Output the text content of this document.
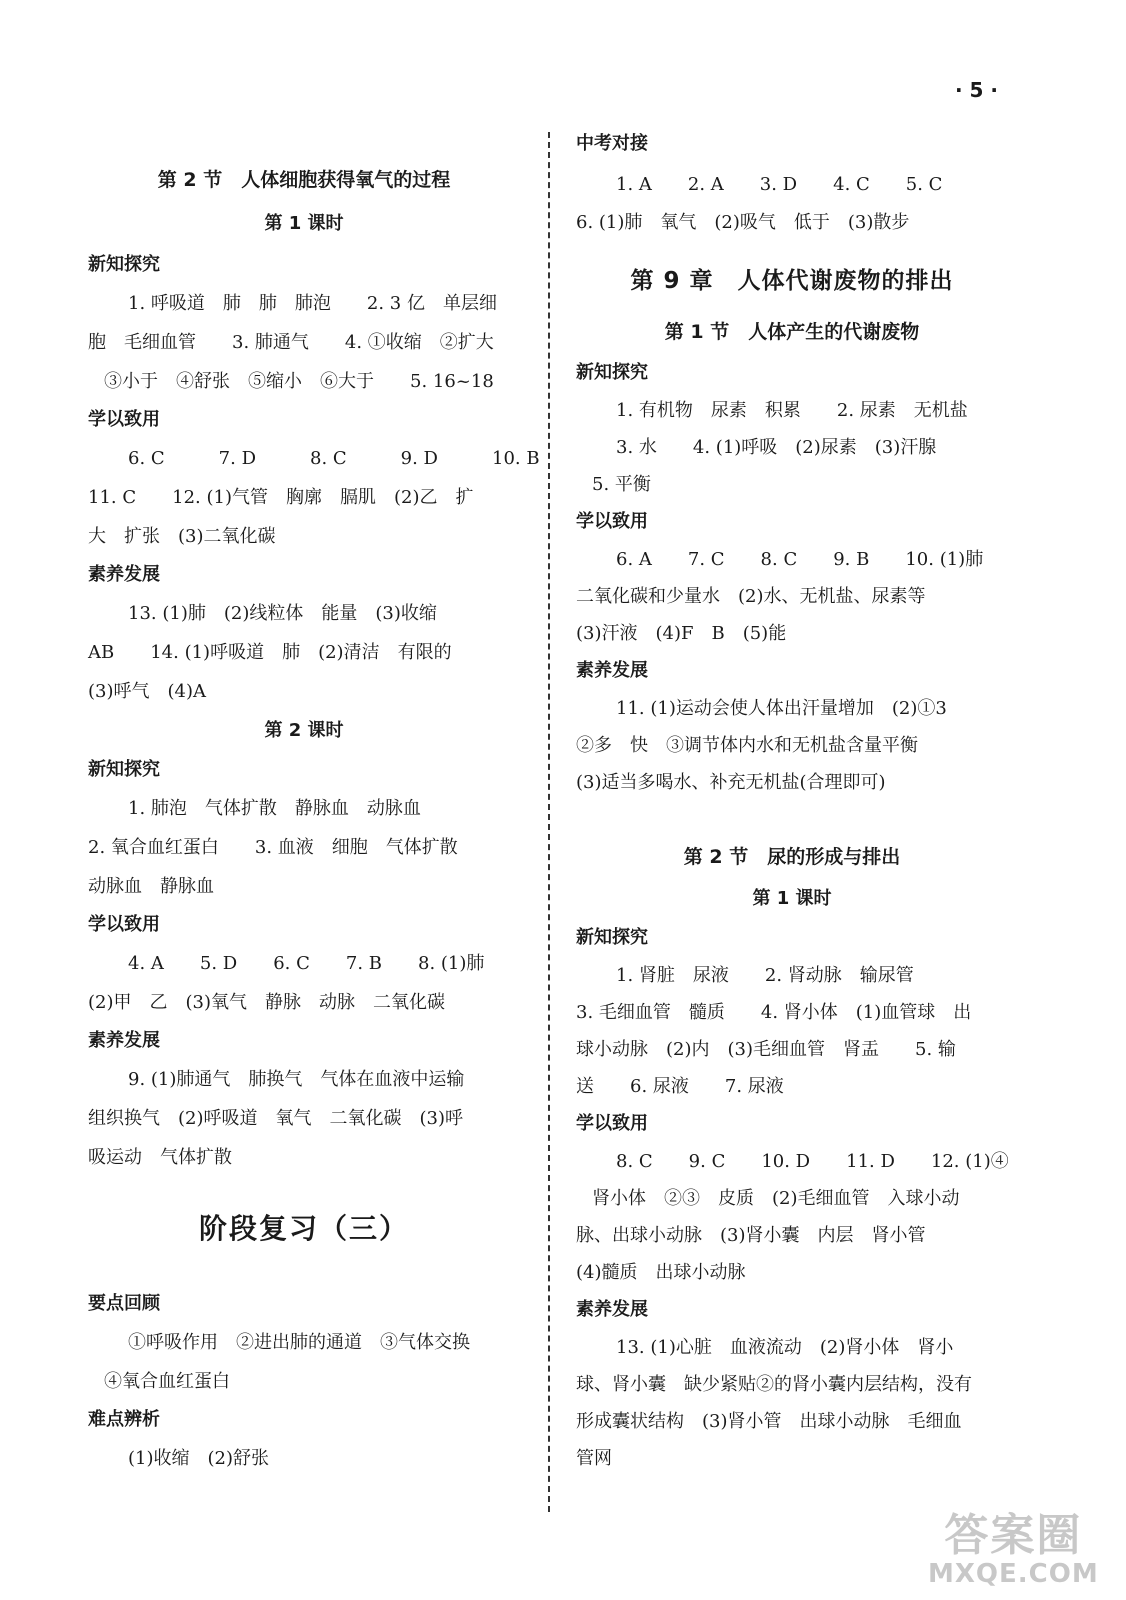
· 5 ·
第 2 节　人体细胞获得氧气的过程
第 1 课时
新知探究
1. 呼吸道　肺　肺　肺泡　　2. 3 亿　单层细
胞　毛细血管　　3. 肺通气　　4. ①收缩　②扩大
③小于　④舒张　⑤缩小　⑥大于　　5. 16~18
学以致用
6. C　　　7. D　　　8. C　　　9. D　　　10. B
11. C　　12. (1)气管　胸廓　膈肌　(2)乙　扩
大　扩张　(3)二氧化碳
素养发展
13. (1)肺　(2)线粒体　能量　(3)收缩
AB　　14. (1)呼吸道　肺　(2)清洁　有限的
(3)呼气　(4)A
第 2 课时
新知探究
1. 肺泡　气体扩散　静脉血　动脉血
2. 氧合血红蛋白　　3. 血液　细胞　气体扩散
动脉血　静脉血
学以致用
4. A　　5. D　　6. C　　7. B　　8. (1)肺
(2)甲　乙　(3)氧气　静脉　动脉　二氧化碳
素养发展
9. (1)肺通气　肺换气　气体在血液中运输
组织换气　(2)呼吸道　氧气　二氧化碳　(3)呼
吸运动　气体扩散
阶段复习（三）
要点回顾
①呼吸作用　②进出肺的通道　③气体交换
④氧合血红蛋白
难点辨析
(1)收缩　(2)舒张
中考对接
1. A　　2. A　　3. D　　4. C　　5. C
6. (1)肺　氧气　(2)吸气　低于　(3)散步
第 9 章　人体代谢废物的排出
第 1 节　人体产生的代谢废物
新知探究
1. 有机物　尿素　积累　　2. 尿素　无机盐
3. 水　　4. (1)呼吸　(2)尿素　(3)汗腺
5. 平衡
学以致用
6. A　　7. C　　8. C　　9. B　　10. (1)肺
二氧化碳和少量水　(2)水、无机盐、尿素等
(3)汗液　(4)F　B　(5)能
素养发展
11. (1)运动会使人体出汗量增加　(2)①3
②多　快　③调节体内水和无机盐含量平衡
(3)适当多喝水、补充无机盐(合理即可)
第 2 节　尿的形成与排出
第 1 课时
新知探究
1. 肾脏　尿液　　2. 肾动脉　输尿管
3. 毛细血管　髓质　　4. 肾小体　(1)血管球　出
球小动脉　(2)内　(3)毛细血管　肾盂　　5. 输
送　　6. 尿液　　7. 尿液
学以致用
8. C　　9. C　　10. D　　11. D　　12. (1)④
肾小体　②③　皮质　(2)毛细血管　入球小动
脉、出球小动脉　(3)肾小囊　内层　肾小管
(4)髓质　出球小动脉
素养发展
13. (1)心脏　血液流动　(2)肾小体　肾小
球、肾小囊　缺少紧贴②的肾小囊内层结构，没有
形成囊状结构　(3)肾小管　出球小动脉　毛细血
管网
答案圈
MXQE.COM
